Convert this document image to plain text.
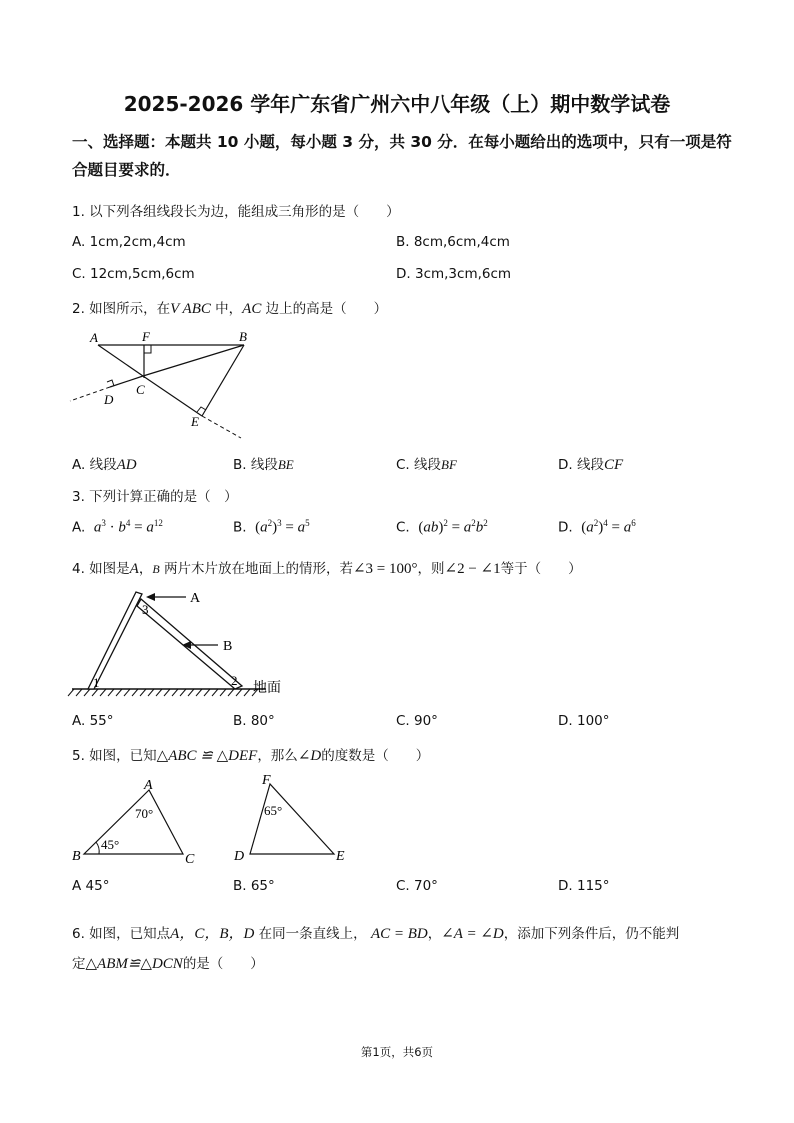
2025-2026 学年广东省广州六中八年级（上）期中数学试卷
一、选择题：本题共 10 小题，每小题 3 分，共 30 分．在每小题给出的选项中，只有一项是符合题目要求的．
1. 以下列各组线段长为边，能组成三角形的是（　　）
A. 1cm,2cm,4cm	B. 8cm,6cm,4cm
C. 12cm,5cm,6cm	D. 3cm,3cm,6cm
2. 如图所示，在V ABC 中，AC 边上的高是（　　）
A	F	B
C
D
E
A. 线段AD	B. 线段BE	C. 线段BF	D. 线段CF
3. 下列计算正确的是（　）
A. $a^3 \cdot b^4 = a^{12}$	B. $(a^2)^3 = a^5$	C. $(ab)^2 = a^2b^2$	D. $(a^2)^4 = a^6$
4. 如图是A，B 两片木片放在地面上的情形，若∠3 = 100°，则∠2 − ∠1等于（　　）
1	2
3
A
B
地面
A. 55°	B. 80°	C. 90°	D. 100°
5. 如图，已知△ABC ≌ △DEF，那么∠D的度数是（　　）
A
B	C
70°
45°
F
D	E
65°
A 45°	B. 65°	C. 70°	D. 115°
6. 如图，已知点A，C，B，D 在同一条直线上， AC = BD，∠A = ∠D，添加下列条件后，仍不能判
定△ABM≌△DCN的是（　　）
第1页，共6页
